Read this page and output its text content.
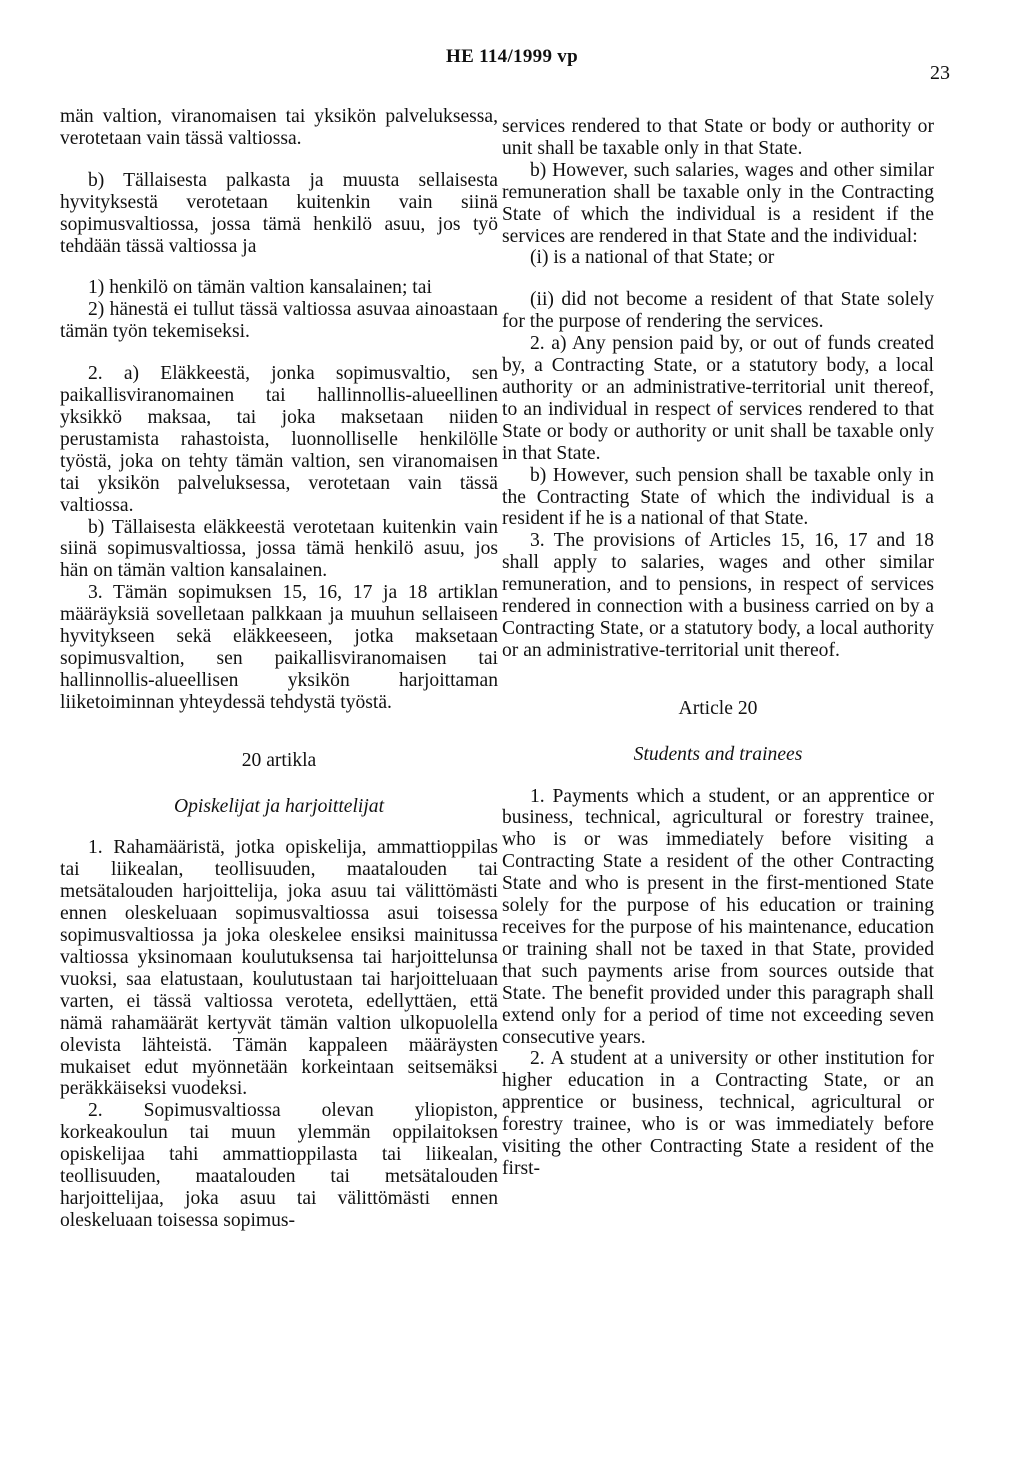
HE 114/1999 vp
23

män valtion, viranomaisen tai yksikön palveluksessa, verotetaan vain tässä valtiossa.

b) Tällaisesta palkasta ja muusta sellaisesta hyvityksestä verotetaan kuitenkin vain siinä sopimusvaltiossa, jossa tämä henkilö asuu, jos työ tehdään tässä valtiossa ja

1) henkilö on tämän valtion kansalainen; tai

2) hänestä ei tullut tässä valtiossa asuvaa ainoastaan tämän työn tekemiseksi.

2. a) Eläkkeestä, jonka sopimusvaltio, sen paikallisviranomainen tai hallinnollis-alueellinen yksikkö maksaa, tai joka maksetaan niiden perustamista rahastoista, luonnolliselle henkilölle työstä, joka on tehty tämän valtion, sen viranomaisen tai yksikön palveluksessa, verotetaan vain tässä valtiossa.

b) Tällaisesta eläkkeestä verotetaan kuitenkin vain siinä sopimusvaltiossa, jossa tämä henkilö asuu, jos hän on tämän valtion kansalainen.

3. Tämän sopimuksen 15, 16, 17 ja 18 artiklan määräyksiä sovelletaan palkkaan ja muuhun sellaiseen hyvitykseen sekä eläkkeeseen, jotka maksetaan sopimusvaltion, sen paikallisviranomaisen tai hallinnollis-alueellisen yksikön harjoittaman liiketoiminnan yhteydessä tehdystä työstä.

20 artikla

Opiskelijat ja harjoittelijat

1. Rahamääristä, jotka opiskelija, ammattioppilas tai liikealan, teollisuuden, maatalouden tai metsätalouden harjoittelija, joka asuu tai välittömästi ennen oleskeluaan sopimusvaltiossa asui toisessa sopimusvaltiossa ja joka oleskelee ensiksi mainitussa valtiossa yksinomaan koulutuksensa tai harjoittelunsa vuoksi, saa elatustaan, koulutustaan tai harjoitteluaan varten, ei tässä valtiossa veroteta, edellyttäen, että nämä rahamäärät kertyvät tämän valtion ulkopuolella olevista lähteistä. Tämän kappaleen määräysten mukaiset edut myönnetään korkeintaan seitsemäksi peräkkäiseksi vuodeksi.

2. Sopimusvaltiossa olevan yliopiston, korkeakoulun tai muun ylemmän oppilaitoksen opiskelijaa tahi ammattioppilasta tai liikealan, teollisuuden, maatalouden tai metsätalouden harjoittelijaa, joka asuu tai välittömästi ennen oleskeluaan toisessa sopimus-

services rendered to that State or body or authority or unit shall be taxable only in that State.

b) However, such salaries, wages and other similar remuneration shall be taxable only in the Contracting State of which the individual is a resident if the services are rendered in that State and the individual:

(i) is a national of that State; or

(ii) did not become a resident of that State solely for the purpose of rendering the services.

2. a) Any pension paid by, or out of funds created by, a Contracting State, or a statutory body, a local authority or an administrative-territorial unit thereof, to an individual in respect of services rendered to that State or body or authority or unit shall be taxable only in that State.

b) However, such pension shall be taxable only in the Contracting State of which the individual is a resident if he is a national of that State.

3. The provisions of Articles 15, 16, 17 and 18 shall apply to salaries, wages and other similar remuneration, and to pensions, in respect of services rendered in connection with a business carried on by a Contracting State, or a statutory body, a local authority or an administrative-territorial unit thereof.

Article 20

Students and trainees

1. Payments which a student, or an apprentice or business, technical, agricultural or forestry trainee, who is or was immediately before visiting a Contracting State a resident of the other Contracting State and who is present in the first-mentioned State solely for the purpose of his education or training receives for the purpose of his maintenance, education or training shall not be taxed in that State, provided that such payments arise from sources outside that State. The benefit provided under this paragraph shall extend only for a period of time not exceeding seven consecutive years.

2. A student at a university or other institution for higher education in a Contracting State, or an apprentice or business, technical, agricultural or forestry trainee, who is or was immediately before visiting the other Contracting State a resident of the first-
